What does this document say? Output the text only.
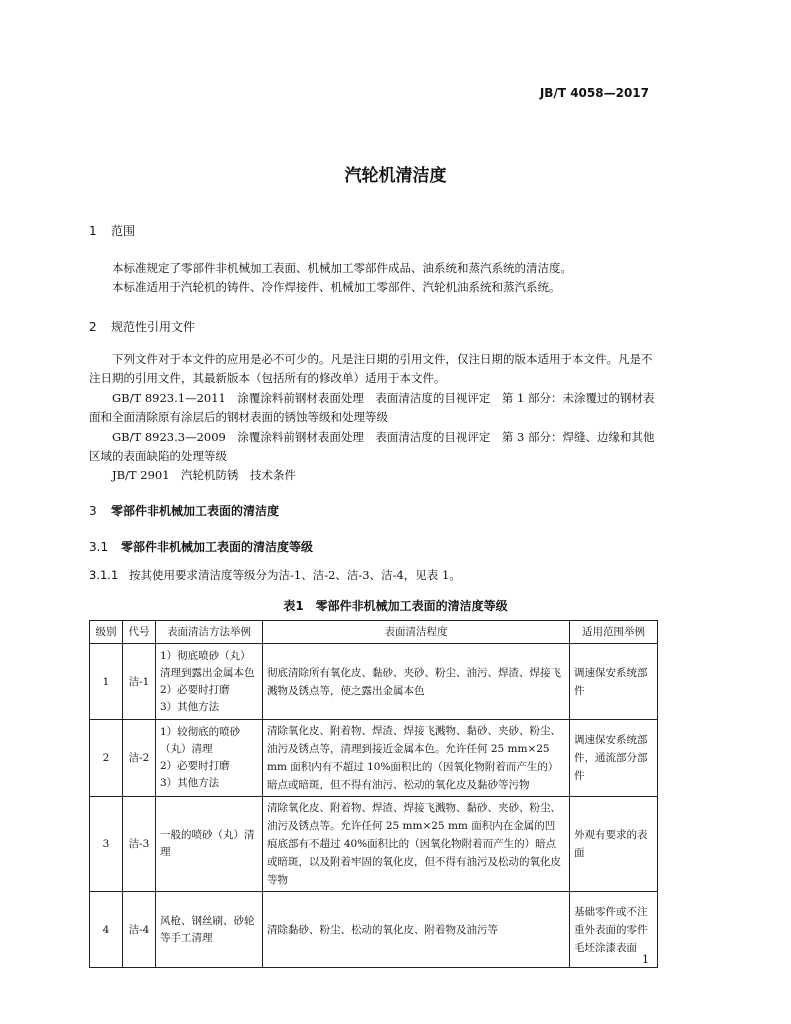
JB/T 4058—2017
汽轮机清洁度
1 范围
本标准规定了零部件非机械加工表面、机械加工零部件成品、油系统和蒸汽系统的清洁度。
本标准适用于汽轮机的铸件、冷作焊接件、机械加工零部件、汽轮机油系统和蒸汽系统。
2 规范性引用文件
下列文件对于本文件的应用是必不可少的。凡是注日期的引用文件，仅注日期的版本适用于本文件。凡是不注日期的引用文件，其最新版本（包括所有的修改单）适用于本文件。
GB/T 8923.1—2011　涂覆涂料前钢材表面处理　表面清洁度的目视评定　第 1 部分：未涂覆过的钢材表面和全面清除原有涂层后的钢材表面的锈蚀等级和处理等级
GB/T 8923.3—2009　涂覆涂料前钢材表面处理　表面清洁度的目视评定　第 3 部分：焊缝、边缘和其他区域的表面缺陷的处理等级
JB/T 2901　汽轮机防锈　技术条件
3 零部件非机械加工表面的清洁度
3.1 零部件非机械加工表面的清洁度等级
3.1.1 按其使用要求清洁度等级分为洁-1、洁-2、洁-3、洁-4，见表 1。
表1　零部件非机械加工表面的清洁度等级
级别	代号	表面清洁方法举例	表面清洁程度	适用范围举例
1	洁-1	1）彻底喷砂（丸）清理到露出金属本色
2）必要时打磨
3）其他方法	彻底清除所有氧化皮、黏砂、夹砂、粉尘、油污、焊渣、焊接飞溅物及锈点等，使之露出金属本色	调速保安系统部件
2	洁-2	1）较彻底的喷砂（丸）清理
2）必要时打磨
3）其他方法	清除氧化皮、附着物、焊渣、焊接飞溅物、黏砂、夹砂、粉尘、油污及锈点等，清理到接近金属本色。允许任何 25 mm×25 mm 面积内有不超过 10%面积比的（因氧化物附着而产生的）暗点或暗斑，但不得有油污、松动的氧化皮及黏砂等污物	调速保安系统部件，通流部分部件
3	洁-3	一般的喷砂（丸）清理	清除氧化皮、附着物、焊渣、焊接飞溅物、黏砂、夹砂、粉尘、油污及锈点等。允许任何 25 mm×25 mm 面积内在金属的凹痕底部有不超过 40%面积比的（因氧化物附着而产生的）暗点或暗斑，以及附着牢固的氧化皮，但不得有油污及松动的氧化皮等物	外观有要求的表面
4	洁-4	风枪、钢丝刷、砂轮等手工清理	清除黏砂、粉尘、松动的氧化皮、附着物及油污等	基础零件或不注重外表面的零件毛坯涂漆表面
1
